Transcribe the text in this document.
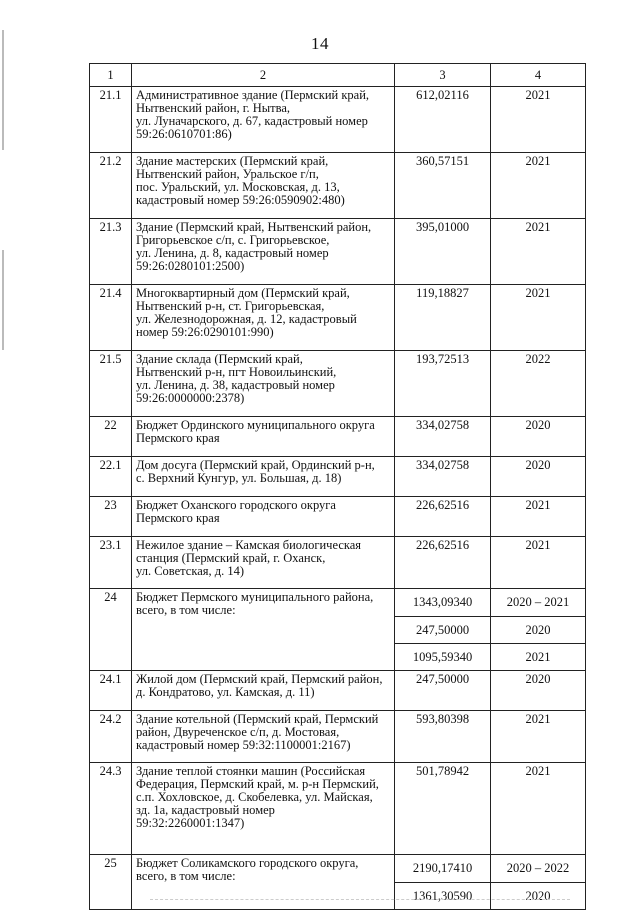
14
1	2	3	4
21.1	Административное здание (Пермский край,
Нытвенский район, г. Нытва,
ул. Луначарского, д. 67, кадастровый номер
59:26:0610701:86)	612,02116	2021
21.2	Здание мастерских (Пермский край,
Нытвенский район, Уральское г/п,
пос. Уральский, ул. Московская, д. 13,
кадастровый номер 59:26:0590902:480)	360,57151	2021
21.3	Здание (Пермский край, Нытвенский район,
Григорьевское с/п, с. Григорьевское,
ул. Ленина, д. 8, кадастровый номер
59:26:0280101:2500)	395,01000	2021
21.4	Многоквартирный дом (Пермский край,
Нытвенский р-н, ст. Григорьевская,
ул. Железнодорожная, д. 12, кадастровый
номер 59:26:0290101:990)	119,18827	2021
21.5	Здание склада (Пермский край,
Нытвенский р-н, пгт Новоильинский,
ул. Ленина, д. 38, кадастровый номер
59:26:0000000:2378)	193,72513	2022
22	Бюджет Ординского муниципального округа
Пермского края	334,02758	2020
22.1	Дом досуга (Пермский край, Ординский р-н,
с. Верхний Кунгур, ул. Большая, д. 18)	334,02758	2020
23	Бюджет Оханского городского округа
Пермского края	226,62516	2021
23.1	Нежилое здание – Камская биологическая
станция (Пермский край, г. Оханск,
ул. Советская, д. 14)	226,62516	2021
24	Бюджет Пермского муниципального района,
всего, в том числе:	1343,09340	2020 – 2021
		247,50000	2020
		1095,59340	2021
24.1	Жилой дом (Пермский край, Пермский район,
д. Кондратово, ул. Камская, д. 11)	247,50000	2020
24.2	Здание котельной (Пермский край, Пермский
район, Двуреченское с/п, д. Мостовая,
кадастровый номер 59:32:1100001:2167)	593,80398	2021
24.3	Здание теплой стоянки машин (Российская
Федерация, Пермский край, м. р-н Пермский,
с.п. Хохловское, д. Скобелевка, ул. Майская,
зд. 1а, кадастровый номер
59:32:2260001:1347)	501,78942	2021
25	Бюджет Соликамского городского округа,
всего, в том числе:	2190,17410	2020 – 2022
		1361,30590	2020
